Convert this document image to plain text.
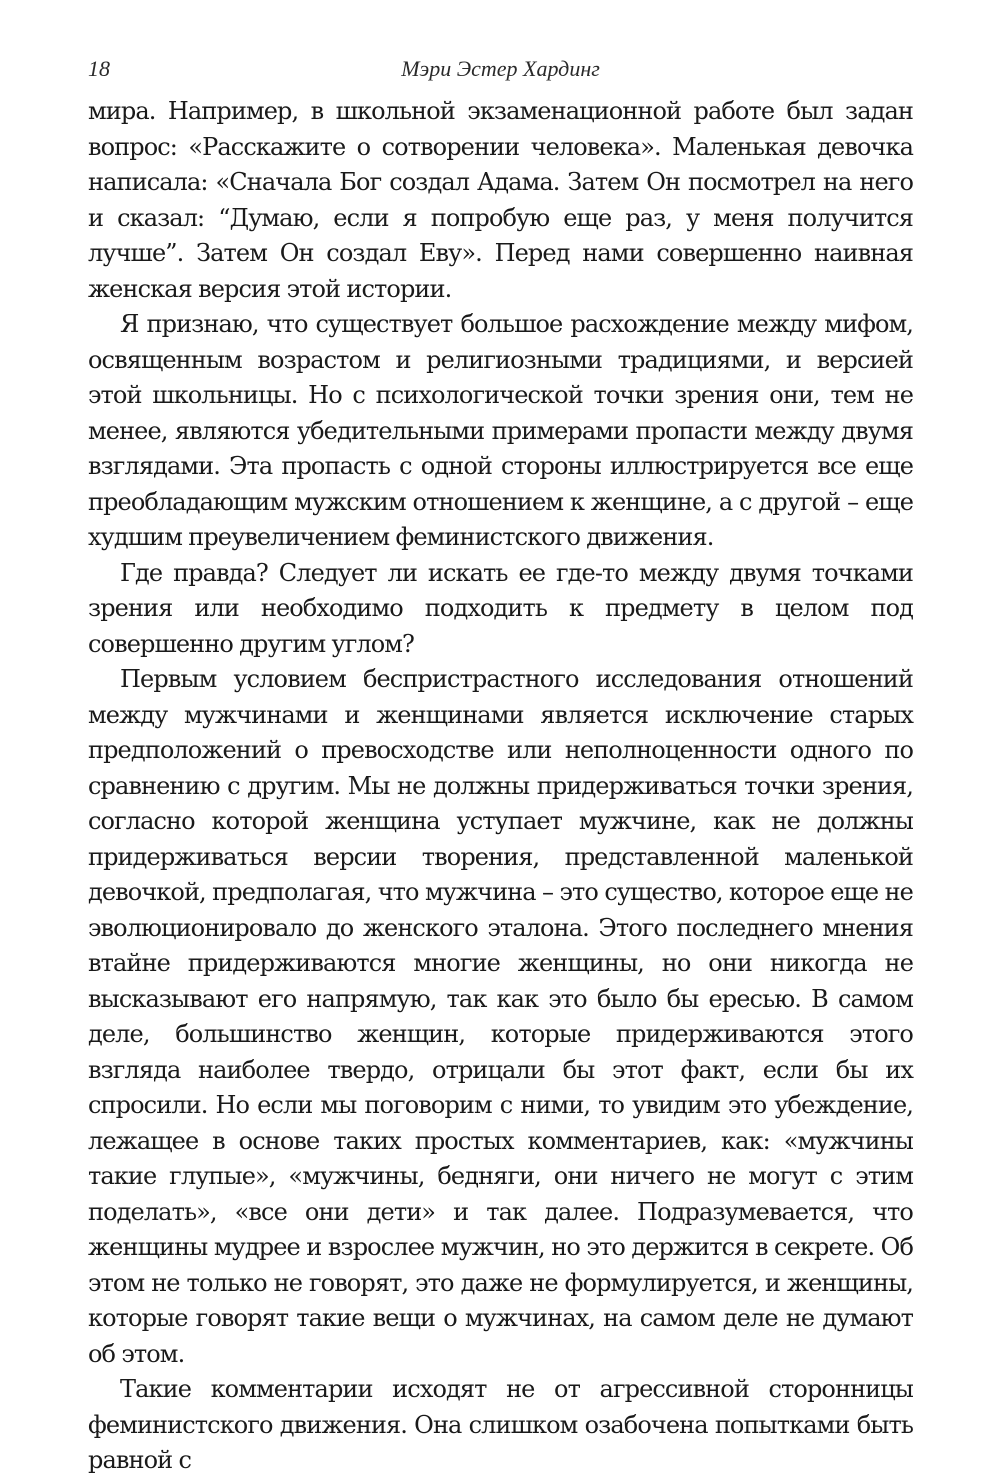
18	Мэри Эстер Хардинг

мира. Например, в школьной экзаменационной работе был задан вопрос: «Расскажите о сотворении человека». Маленькая девочка написала: «Сначала Бог создал Адама. Затем Он посмотрел на него и сказал: “Думаю, если я попробую еще раз, у меня получится лучше”. Затем Он создал Еву». Перед нами совершенно наивная женская версия этой истории.

Я признаю, что существует большое расхождение между мифом, освященным возрастом и религиозными традициями, и версией этой школьницы. Но с психологической точки зрения они, тем не менее, являются убедительными примерами пропасти между двумя взглядами. Эта пропасть с одной стороны иллюстрируется все еще преобладающим мужским отношением к женщине, а с другой – еще худшим преувеличением феминистского движения.

Где правда? Следует ли искать ее где-то между двумя точками зрения или необходимо подходить к предмету в целом под совершенно другим углом?

Первым условием беспристрастного исследования отношений между мужчинами и женщинами является исключение старых предположений о превосходстве или неполноценности одного по сравнению с другим. Мы не должны придерживаться точки зрения, согласно которой женщина уступает мужчине, как не должны придерживаться версии творения, представленной маленькой девочкой, предполагая, что мужчина – это существо, которое еще не эволюционировало до женского эталона. Этого последнего мнения втайне придерживаются многие женщины, но они никогда не высказывают его напрямую, так как это было бы ересью. В самом деле, большинство женщин, которые придерживаются этого взгляда наиболее твердо, отрицали бы этот факт, если бы их спросили. Но если мы поговорим с ними, то увидим это убеждение, лежащее в основе таких простых комментариев, как: «мужчины такие глупые», «мужчины, бедняги, они ничего не могут с этим поделать», «все они дети» и так далее. Подразумевается, что женщины мудрее и взрослее мужчин, но это держится в секрете. Об этом не только не говорят, это даже не формулируется, и женщины, которые говорят такие вещи о мужчинах, на самом деле не думают об этом.

Такие комментарии исходят не от агрессивной сторонницы феминистского движения. Она слишком озабочена попытками быть равной с
